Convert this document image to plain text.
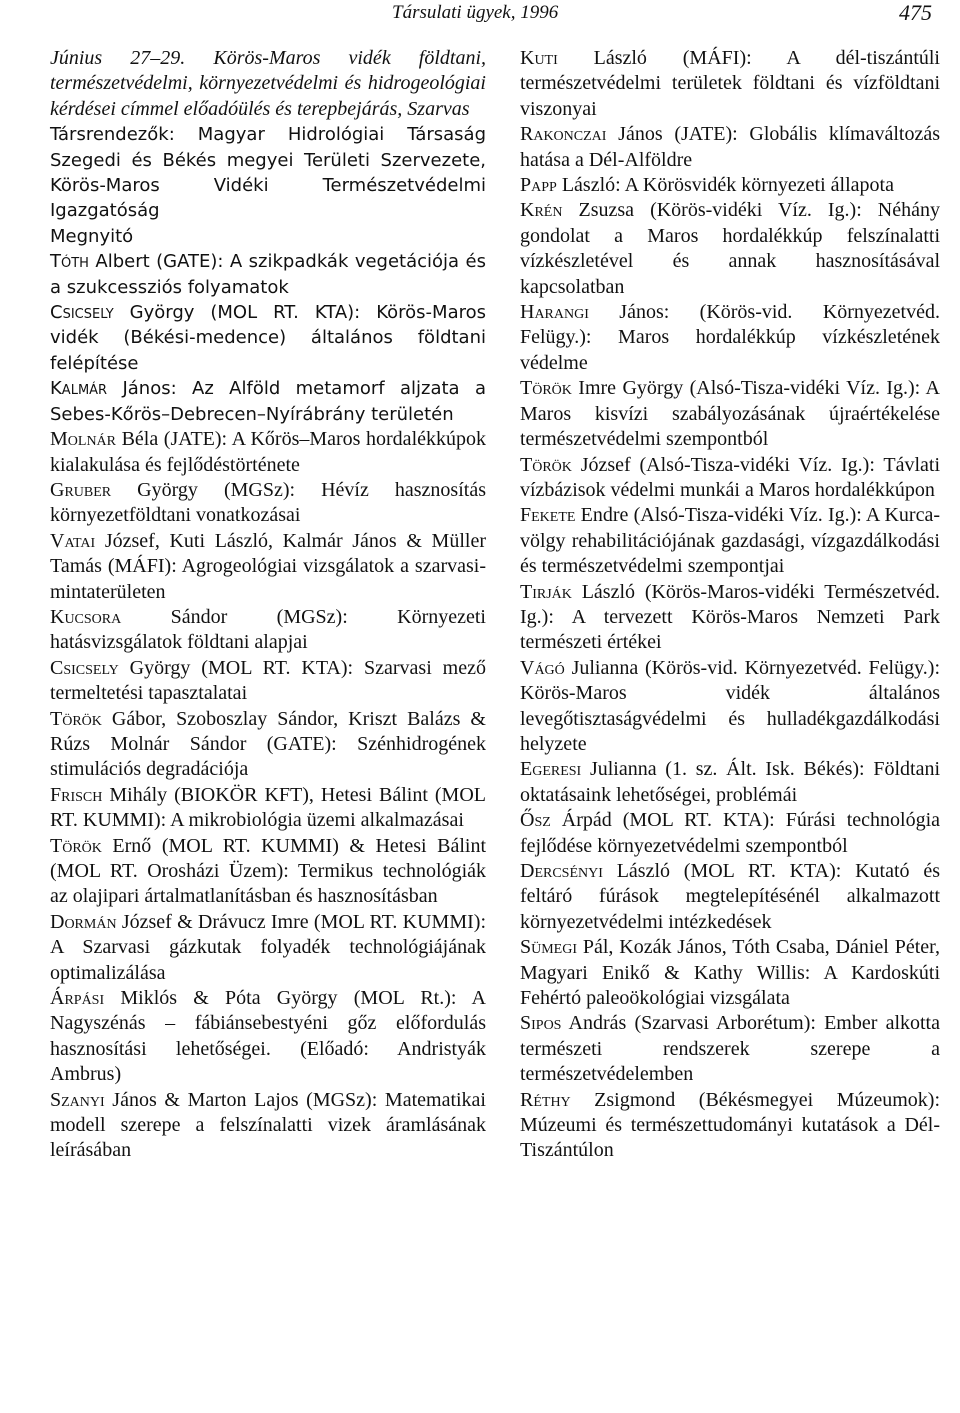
Társulati ügyek, 1996	475

Június 27–29. Körös-Maros vidék földtani, természetvédelmi, környezetvédelmi és hidrogeológiai kérdései címmel előadóülés és terepbejárás, Szarvas

Társrendezők: Magyar Hidrológiai Társaság Szegedi és Békés megyei Területi Szervezete, Körös-Maros Vidéki Természetvédelmi Igazgatóság

Megnyitó

Tóth Albert (GATE): A szikpadkák vegetációja és a szukcessziós folyamatok

Csicsely György (MOL RT. KTA): Körös-Maros vidék (Békési-medence) általános földtani felépítése

Kalmár János: Az Alföld metamorf aljzata a Sebes-Kőrös–Debrecen–Nyírábrány területén

Molnár Béla (JATE): A Kőrös–Maros hordalékkúpok kialakulása és fejlődéstörténete

Gruber György (MGSz): Hévíz hasznosítás környezetföldtani vonatkozásai

Vatai József, Kuti László, Kalmár János & Müller Tamás (MÁFI): Agrogeológiai vizsgálatok a szarvasi-mintaterületen

Kucsora Sándor (MGSz): Környezeti hatásvizsgálatok földtani alapjai

Csicsely György (MOL RT. KTA): Szarvasi mező termeltetési tapasztalatai

Török Gábor, Szoboszlay Sándor, Kriszt Balázs & Rúzs Molnár Sándor (GATE): Szénhidrogének stimulációs degradációja

Frisch Mihály (BIOKÖR KFT), Hetesi Bálint (MOL RT. KUMMI): A mikrobiológia üzemi alkalmazásai

Török Ernő (MOL RT. KUMMI) & Hetesi Bálint (MOL RT. Orosházi Üzem): Termikus technológiák az olajipari ártalmatlanításban és hasznosításban

Dormán József & Drávucz Imre (MOL RT. KUMMI): A Szarvasi gázkutak folyadék technológiájának optimalizálása

Árpási Miklós & Póta György (MOL Rt.): A Nagyszénás – fábiánsebestyéni gőz előfordulás hasznosítási lehetőségei. (Előadó: Andristyák Ambrus)

Szanyi János & Marton Lajos (MGSz): Matematikai modell szerepe a felszínalatti vizek áramlásának leírásában

Kuti László (MÁFI): A dél-tiszántúli természetvédelmi területek földtani és vízföldtani viszonyai

Rakonczai János (JATE): Globális klímaváltozás hatása a Dél-Alföldre

Papp László: A Körösvidék környezeti állapota

Krén Zsuzsa (Körös-vidéki Víz. Ig.): Néhány gondolat a Maros hordalékkúp felszínalatti vízkészletével és annak hasznosításával kapcsolatban

Harangi János: (Körös-vid. Környezetvéd. Felügy.): Maros hordalékkúp vízkészletének védelme

Török Imre György (Alsó-Tisza-vidéki Víz. Ig.): A Maros kisvízi szabályozásának újraértékelése természetvédelmi szempontból

Török József (Alsó-Tisza-vidéki Víz. Ig.): Távlati vízbázisok védelmi munkái a Maros hordalékkúpon

Fekete Endre (Alsó-Tisza-vidéki Víz. Ig.): A Kurca-völgy rehabilitációjának gazdasági, vízgazdálkodási és természetvédelmi szempontjai

Tirják László (Körös-Maros-vidéki Természetvéd. Ig.): A tervezett Körös-Maros Nemzeti Park természeti értékei

Vágó Julianna (Körös-vid. Környezetvéd. Felügy.): Körös-Maros vidék általános levegőtisztaságvédelmi és hulladékgazdálkodási helyzete

Egeresi Julianna (1. sz. Ált. Isk. Békés): Földtani oktatásaink lehetőségei, problémái

Ősz Árpád (MOL RT. KTA): Fúrási technológia fejlődése környezetvédelmi szempontból

Dercsényi László (MOL RT. KTA): Kutató és feltáró fúrások megtelepítésénél alkalmazott környezetvédelmi intézkedések

Sümegi Pál, Kozák János, Tóth Csaba, Dániel Péter, Magyari Enikő & Kathy Willis: A Kardoskúti Fehértó paleoökológiai vizsgálata

Sipos András (Szarvasi Arborétum): Ember alkotta természeti rendszerek szerepe a természetvédelemben

Réthy Zsigmond (Békésmegyei Múzeumok): Múzeumi és természettudományi kutatások a Dél-Tiszántúlon
